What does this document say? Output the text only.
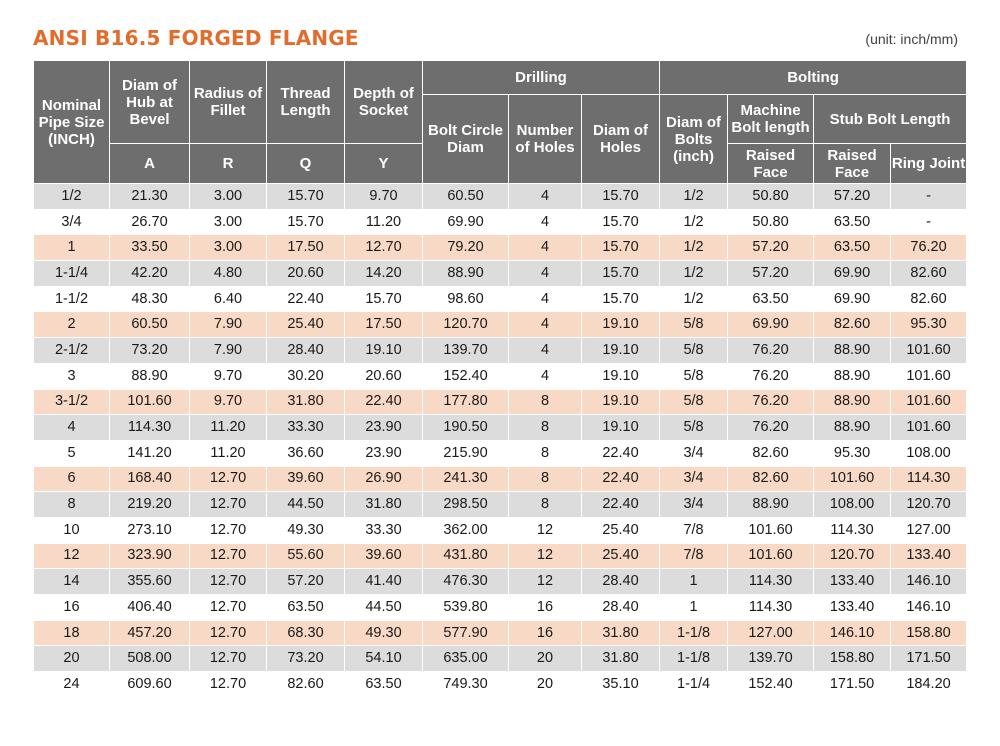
ANSI B16.5 FORGED FLANGE	(unit: inch/mm)
Nominal Pipe Size (INCH)	Diam of Hub at Bevel	Radius of Fillet	Thread Length	Depth of Socket	Drilling			Bolting			
					Bolt Circle Diam	Number of Holes	Diam of Holes	Diam of Bolts (inch)	Machine Bolt length	Stub Bolt Length	
	A	R	Q	Y					Raised Face	Raised Face	Ring Joint
1/2	21.30	3.00	15.70	9.70	60.50	4	15.70	1/2	50.80	57.20	-
3/4	26.70	3.00	15.70	11.20	69.90	4	15.70	1/2	50.80	63.50	-
1	33.50	3.00	17.50	12.70	79.20	4	15.70	1/2	57.20	63.50	76.20
1-1/4	42.20	4.80	20.60	14.20	88.90	4	15.70	1/2	57.20	69.90	82.60
1-1/2	48.30	6.40	22.40	15.70	98.60	4	15.70	1/2	63.50	69.90	82.60
2	60.50	7.90	25.40	17.50	120.70	4	19.10	5/8	69.90	82.60	95.30
2-1/2	73.20	7.90	28.40	19.10	139.70	4	19.10	5/8	76.20	88.90	101.60
3	88.90	9.70	30.20	20.60	152.40	4	19.10	5/8	76.20	88.90	101.60
3-1/2	101.60	9.70	31.80	22.40	177.80	8	19.10	5/8	76.20	88.90	101.60
4	114.30	11.20	33.30	23.90	190.50	8	19.10	5/8	76.20	88.90	101.60
5	141.20	11.20	36.60	23.90	215.90	8	22.40	3/4	82.60	95.30	108.00
6	168.40	12.70	39.60	26.90	241.30	8	22.40	3/4	82.60	101.60	114.30
8	219.20	12.70	44.50	31.80	298.50	8	22.40	3/4	88.90	108.00	120.70
10	273.10	12.70	49.30	33.30	362.00	12	25.40	7/8	101.60	114.30	127.00
12	323.90	12.70	55.60	39.60	431.80	12	25.40	7/8	101.60	120.70	133.40
14	355.60	12.70	57.20	41.40	476.30	12	28.40	1	114.30	133.40	146.10
16	406.40	12.70	63.50	44.50	539.80	16	28.40	1	114.30	133.40	146.10
18	457.20	12.70	68.30	49.30	577.90	16	31.80	1-1/8	127.00	146.10	158.80
20	508.00	12.70	73.20	54.10	635.00	20	31.80	1-1/8	139.70	158.80	171.50
24	609.60	12.70	82.60	63.50	749.30	20	35.10	1-1/4	152.40	171.50	184.20
